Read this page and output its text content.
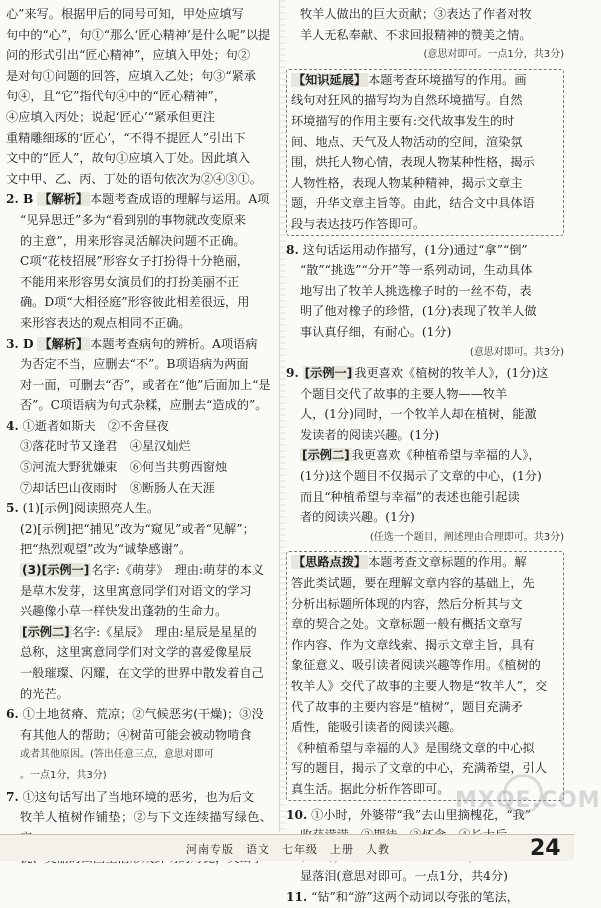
心”来写。根据甲后的同号可知，甲处应填写

句中的“心”，句①“那么‘匠心精神’是什么呢”以提

问的形式引出“匠心精神”，应填入甲处；句②

是对句①问题的回答，应填入乙处；句③“紧承

句④，且“它”指代句④中的“匠心精神”，

④应填入丙处；说起‘匠心’“紧承但更注

重精雕细琢的‘匠心’，“不得不提匠人”引出下

文中的“匠人”，故句①应填入丁处。因此填入

文中甲、乙、丙、丁处的语句依次为②④③①。

2. B 【解析】 本题考查成语的理解与运用。A项

“见异思迁”多为“看到别的事物就改变原来

的主意”，用来形容灵活解决问题不正确。

C项“花枝招展”形容女子打扮得十分艳丽，

不能用来形容男女演员们的打扮美丽不正

确。D项“大相径庭”形容彼此相差很远，用

来形容表达的观点相同不正确。

3. D 【解析】 本题考查病句的辨析。A项语病

为否定不当，应删去“不”。B项语病为两面

对一面，可删去“否”，或者在“他”后面加上“是

否”。C项语病为句式杂糅，应删去“造成的”。

4. ①逝者如斯夫　 ②不舍昼夜

③落花时节又逢君　 ④星汉灿烂

⑤河流大野犹嫌束　 ⑥何当共剪西窗烛

⑦却话巴山夜雨时　 ⑧断肠人在天涯

5. (1)[示例]阅读照亮人生。

(2)[示例]把“捕见”改为“窥见”或者“见解”；

把“热烈观望”改为“诚挚感谢”。

(3)[示例一] 名字:《萌芽》　理由:萌芽的本义

是草木发芽，这里寓意同学们对语文的学习

兴趣像小草一样快发出蓬勃的生命力。

[示例二] 名字:《星辰》　理由:星辰是星星的

总称，这里寓意同学们对文学的喜爱像星辰

一般璀璨、闪耀，在文学的世界中散发着自己

的光芒。

6. ①土地贫瘠、荒凉；②气候恶劣(干燥)；③没

有其他人的帮助；④树苗可能会被动物啃食

或者其他原因。(答出任意三点，意思对即可

。一点1分，共3分)

7. ①这句话写出了当地环境的恶劣，也为后文

牧羊人植树作铺垫；②与下文连续描写绿色、

牧羊人做出的巨大贡献；③表达了作者对牧

羊人无私奉献、不求回报精神的赞美之情。

(意思对即可。一点1分，共3分)

【知识延展】 本题考查环境描写的作用。画

线句对狂风的描写均为自然环境描写。自然

环境描写的作用主要有:交代故事发生的时

间、地点、天气及人物活动的空间，渲染氛

围，烘托人物心情，表现人物某种性格，揭示

人物性格，表现人物某种精神，揭示文章主

题，升华文章主旨等。由此，结合文中具体语

段与表达技巧作答即可。

8. 这句话运用动作描写，(1分)通过“拿”“倒”

“散”“挑选”“分开”等一系列动词，生动具体

地写出了牧羊人挑选橡子时的一丝不苟，表

明了他对橡子的珍惜，(1分)表现了牧羊人做

事认真仔细，有耐心。(1分)

(意思对即可。共3分)

9. [示例一] 我更喜欢《植树的牧羊人》，(1分)这

个题目交代了故事的主要人物——牧羊

人，(1分)同时，一个牧羊人却在植树，能激

发读者的阅读兴趣。(1分)

[示例二] 我更喜欢《种植希望与幸福的人》，

(1分)这个题目不仅揭示了文章的中心，(1分)

而且“种植希望与幸福”的表述也能引起读

者的阅读兴趣。(1分)

(任选一个题目，阐述理由合理即可。共3分)

【思路点拨】 本题考查文章标题的作用。解

答此类试题，要在理解文章内容的基础上，先

分析出标题所体现的内容，然后分析其与文

章的契合之处。文章标题一般有概括文章写

作内容、作为文章线索、揭示文章主旨，具有

象征意义、吸引读者阅读兴趣等作用。《植树的

牧羊人》交代了故事的主要人物是“牧羊人”，交

代了故事的主要内容是“植树”，题目充满矛

盾性，能吸引读者的阅读兴趣。

《种植希望与幸福的人》是围绕文章的中心拟

写的题目，揭示了文章的中心，充满希望，引人

真生活。据此分析作答即可。

10. ①小时，外婆带“我”去山里摘槐花，“我”

显落泪(意思对即可。一点1分，共4分)

11. “钻”和“游”这两个动词以夸张的笔法，

MXQE.COM
河南专版　语文　七年级　上册　人教	24
